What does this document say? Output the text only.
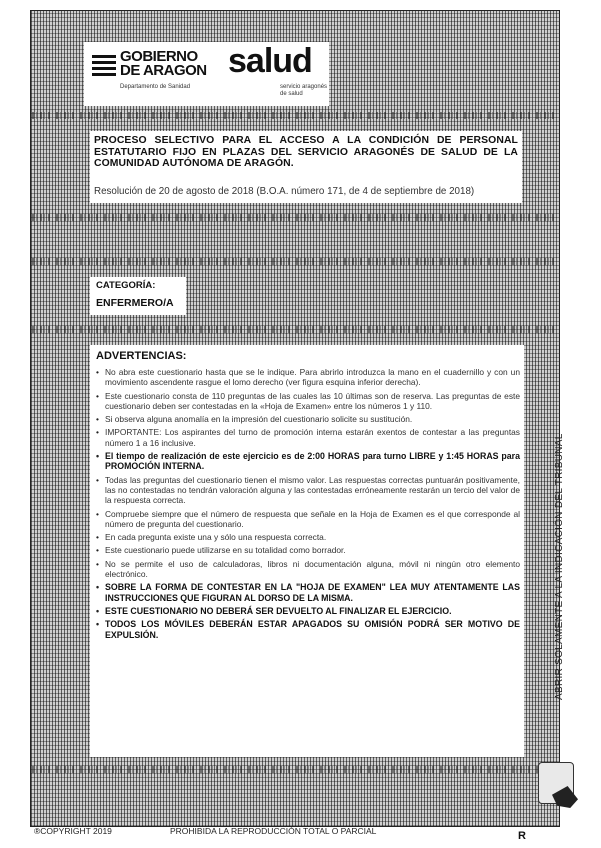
GOBIERNO
DE ARAGON
Departamento de Sanidad
salud
servicio aragonés de salud
PROCESO SELECTIVO PARA EL ACCESO A LA CONDICIÓN DE PERSONAL ESTATUTARIO FIJO EN PLAZAS DEL SERVICIO ARAGONÉS DE SALUD DE LA COMUNIDAD AUTÓNOMA DE ARAGÓN.
Resolución de 20 de agosto de 2018 (B.O.A. número 171, de 4 de septiembre de 2018)
CATEGORÍA:
ENFERMERO/A
ADVERTENCIAS:
• No abra este cuestionario hasta que se le indique. Para abrirlo introduzca la mano en el cuadernillo y con un movimiento ascendente rasgue el lomo derecho (ver figura esquina inferior derecha).
• Este cuestionario consta de 110 preguntas de las cuales las 10 últimas son de reserva. Las preguntas de este cuestionario deben ser contestadas en la «Hoja de Examen» entre los números 1 y 110.
• Si observa alguna anomalía en la impresión del cuestionario solicite su sustitución.
• IMPORTANTE: Los aspirantes del turno de promoción interna estarán exentos de contestar a las preguntas número 1 a 16 inclusive.
• El tiempo de realización de este ejercicio es de 2:00 HORAS para turno LIBRE y 1:45 HORAS para PROMOCIÓN INTERNA.
• Todas las preguntas del cuestionario tienen el mismo valor. Las respuestas correctas puntuarán positivamente, las no contestadas no tendrán valoración alguna y las contestadas erróneamente restarán un tercio del valor de la respuesta correcta.
• Compruebe siempre que el número de respuesta que señale en la Hoja de Examen es el que corresponde al número de pregunta del cuestionario.
• En cada pregunta existe una y sólo una respuesta correcta.
• Este cuestionario puede utilizarse en su totalidad como borrador.
• No se permite el uso de calculadoras, libros ni documentación alguna, móvil ni ningún otro elemento electrónico.
• SOBRE LA FORMA DE CONTESTAR EN LA "HOJA DE EXAMEN" LEA MUY ATENTAMENTE LAS INSTRUCCIONES QUE FIGURAN AL DORSO DE LA MISMA.
• ESTE CUESTIONARIO NO DEBERÁ SER DEVUELTO AL FINALIZAR EL EJERCICIO.
• TODOS LOS MÓVILES DEBERÁN ESTAR APAGADOS SU OMISIÓN PODRÁ SER MOTIVO DE EXPULSIÓN.	ABRIR SOLAMENTE A LA INDICACIÓN DEL TRIBUNAL
®COPYRIGHT 2019	PROHIBIDA LA REPRODUCCIÓN TOTAL O PARCIAL	R
